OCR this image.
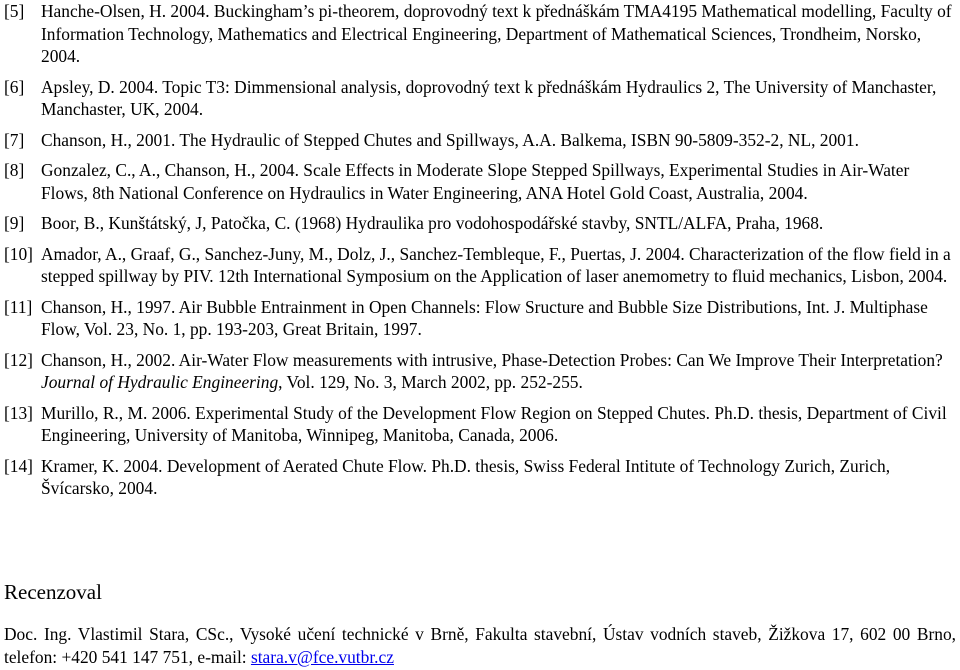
[5] Hanche-Olsen, H. 2004. Buckingham’s pi-theorem, doprovodný text k přednáškám TMA4195 Mathematical modelling, Faculty of Information Technology, Mathematics and Electrical Engineering, Department of Mathematical Sciences, Trondheim, Norsko, 2004.
[6] Apsley, D. 2004. Topic T3: Dimmensional analysis, doprovodný text k přednáškám Hydraulics 2, The University of Manchaster, Manchaster, UK, 2004.
[7] Chanson, H., 2001. The Hydraulic of Stepped Chutes and Spillways, A.A. Balkema, ISBN 90-5809-352-2, NL, 2001.
[8] Gonzalez, C., A., Chanson, H., 2004. Scale Effects in Moderate Slope Stepped Spillways, Experimental Studies in Air-Water Flows, 8th National Conference on Hydraulics in Water Engineering, ANA Hotel Gold Coast, Australia, 2004.
[9] Boor, B., Kunštátský, J, Patočka, C. (1968) Hydraulika pro vodohospodářské stavby, SNTL/ALFA, Praha, 1968.
[10] Amador, A., Graaf, G., Sanchez-Juny, M., Dolz, J., Sanchez-Tembleque, F., Puertas, J. 2004. Characterization of the flow field in a stepped spillway by PIV. 12th International Symposium on the Application of laser anemometry to fluid mechanics, Lisbon, 2004.
[11] Chanson, H., 1997. Air Bubble Entrainment in Open Channels: Flow Sructure and Bubble Size Distributions, Int. J. Multiphase Flow, Vol. 23, No. 1, pp. 193-203, Great Britain, 1997.
[12] Chanson, H., 2002. Air-Water Flow measurements with intrusive, Phase-Detection Probes: Can We Improve Their Interpretation? Journal of Hydraulic Engineering, Vol. 129, No. 3, March 2002, pp. 252-255.
[13] Murillo, R., M. 2006. Experimental Study of the Development Flow Region on Stepped Chutes. Ph.D. thesis, Department of Civil Engineering, University of Manitoba, Winnipeg, Manitoba, Canada, 2006.
[14] Kramer, K. 2004. Development of Aerated Chute Flow. Ph.D. thesis, Swiss Federal Intitute of Technology Zurich, Zurich, Švícarsko, 2004.
Recenzoval

Doc. Ing. Vlastimil Stara, CSc., Vysoké učení technické v Brně, Fakulta stavební, Ústav vodních staveb, Žižkova 17, 602 00 Brno, telefon: +420 541 147 751, e-mail: stara.v@fce.vutbr.cz
